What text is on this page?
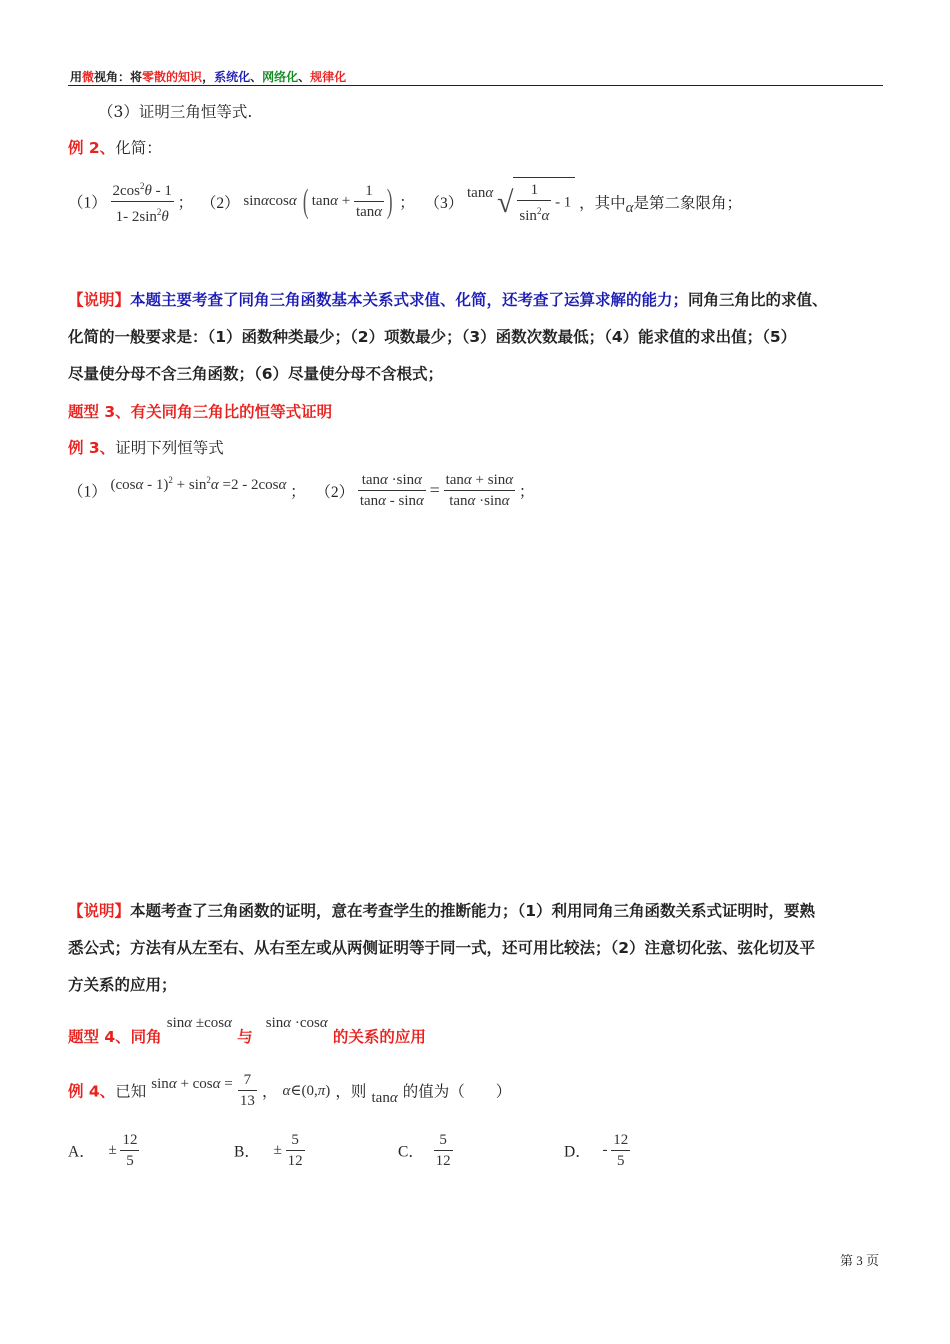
用微视角：将零散的知识，系统化、网络化、规律化
（3）证明三角恒等式.
例 2、化简：
$(1) \frac{2\cos^2\theta - 1}{1- 2\sin^2\theta}$ ； （2） sinαcosα ( $\tan\alpha + \frac{1}{\tan\alpha}$ ) ； （3） tanα √ $\frac{1}{\sin^2\alpha} - 1$ ，其中α是第二象限角；
【说明】本题主要考查了同角三角函数基本关系式求值、化简，还考查了运算求解的能力；同角三角比的求值、
化简的一般要求是：（1）函数种类最少；（2）项数最少；（3）函数次数最低；（4）能求值的求出值；（5）
尽量使分母不含三角函数；（6）尽量使分母不含根式；
题型 3、有关同角三角比的恒等式证明
例 3、证明下列恒等式
（1） $(\cos\alpha - 1)^2 + \sin^2\alpha =2 - 2\cos\alpha$ ； $(2) \frac{\tan\alpha \cdot\sin\alpha}{\tan\alpha - \sin\alpha} = \frac{\tan\alpha + \sin\alpha}{\tan\alpha \cdot\sin\alpha}$ ；
【说明】本题考查了三角函数的证明，意在考查学生的推断能力；（1）利用同角三角函数关系式证明时，要熟
悉公式；方法有从左至右、从右至左或从两侧证明等于同一式，还可用比较法；（2）注意切化弦、弦化切及平
方关系的应用；
题型 4、同角 sinα ±cosα 与 sinα ·cosα 的关系的应用
例 4、已知 $\sin\alpha + \cos\alpha = \frac{7}{13}$ ， α∈(0,π) ，则 tanα 的值为（　　）
A． ± $\frac{12}{5}$	B． ± $\frac{5}{12}$	C． $\frac{5}{12}$	D． - $\frac{12}{5}$
第 3 页
